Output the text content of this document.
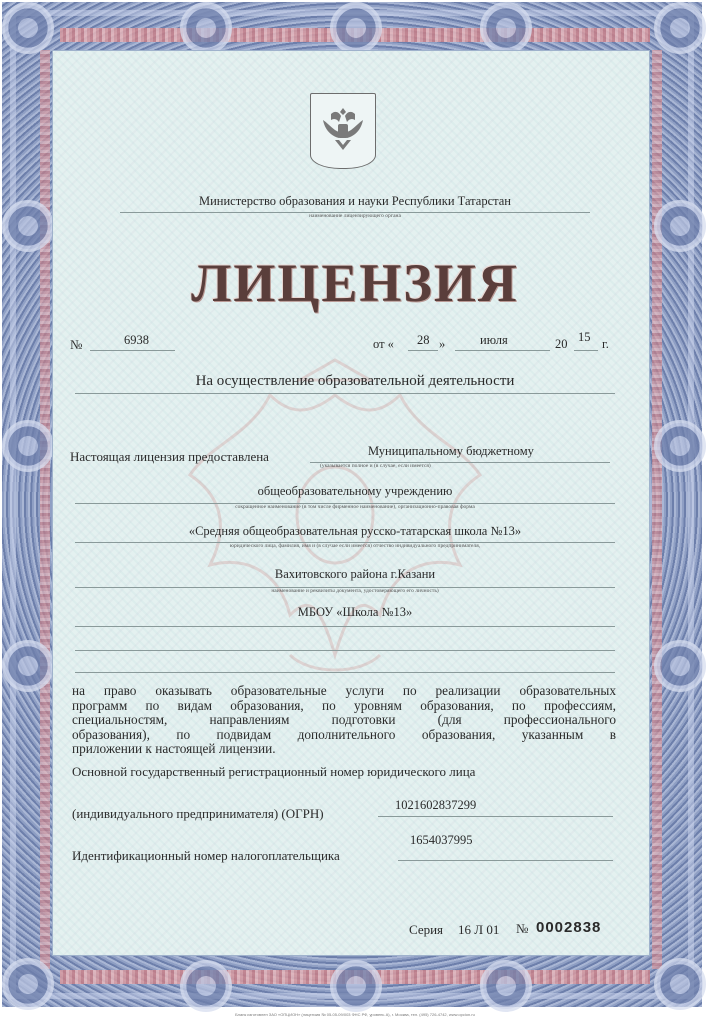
Министерство образования и науки Республики Татарстан
наименование лицензирующего органа
ЛИЦЕНЗИЯ
№	6938	от « 28 »	июля	20 15 г.
На осуществление образовательной деятельности
Настоящая лицензия предоставлена	Муниципальному бюджетному
(указывается полное и (в случае, если имеется)
общеобразовательному учреждению
сокращенное наименование (в том числе фирменное наименование), организационно-правовая форма
«Средняя общеобразовательная русско-татарская школа №13»
юридического лица, фамилия, имя и (в случае если имеется) отчество индивидуального предпринимателя,
Вахитовского района г.Казани
наименование и реквизиты документа, удостоверяющего его личность)
МБОУ «Школа №13»
на право оказывать образовательные услуги по реализации образовательных
программ по видам образования, по уровням образования, по профессиям,
специальностям, направлениям подготовки (для профессионального
образования), по подвидам дополнительного образования, указанным в
приложении к настоящей лицензии.
Основной государственный регистрационный номер юридического лица
(индивидуального предпринимателя) (ОГРН)
1021602837299
Идентификационный номер налогоплательщика
1654037995
Серия 16 Л 01 № 0002838
Бланк изготовлен ЗАО «ОПЦИОН» (лицензия № 05-05-09/003 ФНС РФ, уровень А), г. Москва, тел. (495) 726-4742, www.opcion.ru
